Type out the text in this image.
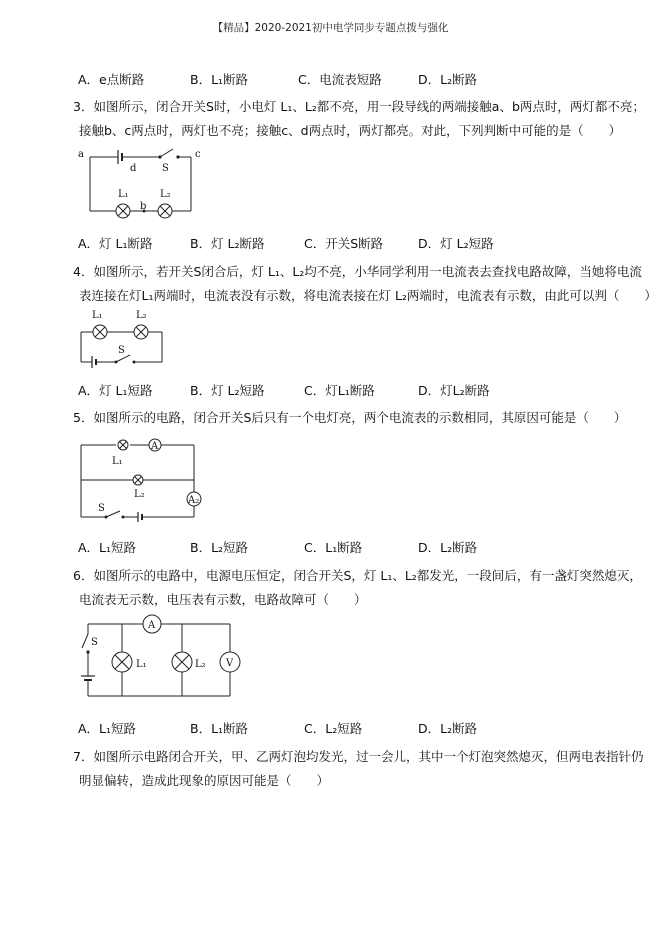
【精品】2020-2021初中电学同步专题点拨与强化
A．e点断路	B．L₁断路	C．电流表短路	D．L₂断路
3．如图所示，闭合开关S时，小电灯 L₁、L₂都不亮，用一段导线的两端接触a、b两点时，两灯都不亮；
接触b、c两点时，两灯也不亮；接触c、d两点时，两灯都亮。对此，下列判断中可能的是（　　）
a
d	S
c
L₁
b
L₂
A．灯 L₁断路	B．灯 L₂断路	C．开关S断路	D．灯 L₂短路
4．如图所示，若开关S闭合后，灯 L₁、L₂均不亮，小华同学利用一电流表去查找电路故障，当她将电流
表连接在灯L₁两端时，电流表没有示数，将电流表接在灯 L₂两端时，电流表有示数，由此可以判（　　）
L₁	L₂
S
A．灯 L₁短路	B．灯 L₂短路	C．灯L₁断路	D．灯L₂断路
5．如图所示的电路，闭合开关S后只有一个电灯亮，两个电流表的示数相同，其原因可能是（　　）
A
L₁
L₂
A₂
S
A．L₁短路	B．L₂短路	C．L₁断路	D．L₂断路
6．如图所示的电路中，电源电压恒定，闭合开关S，灯 L₁、L₂都发光，一段间后，有一盏灯突然熄灭，
电流表无示数，电压表有示数，电路故障可（　　）
A
S
L₁	L₂ V
A．L₁短路	B．L₁断路	C．L₂短路	D．L₂断路
7．如图所示电路闭合开关，甲、乙两灯泡均发光，过一会儿，其中一个灯泡突然熄灭，但两电表指针仍
明显偏转，造成此现象的原因可能是（　　）
